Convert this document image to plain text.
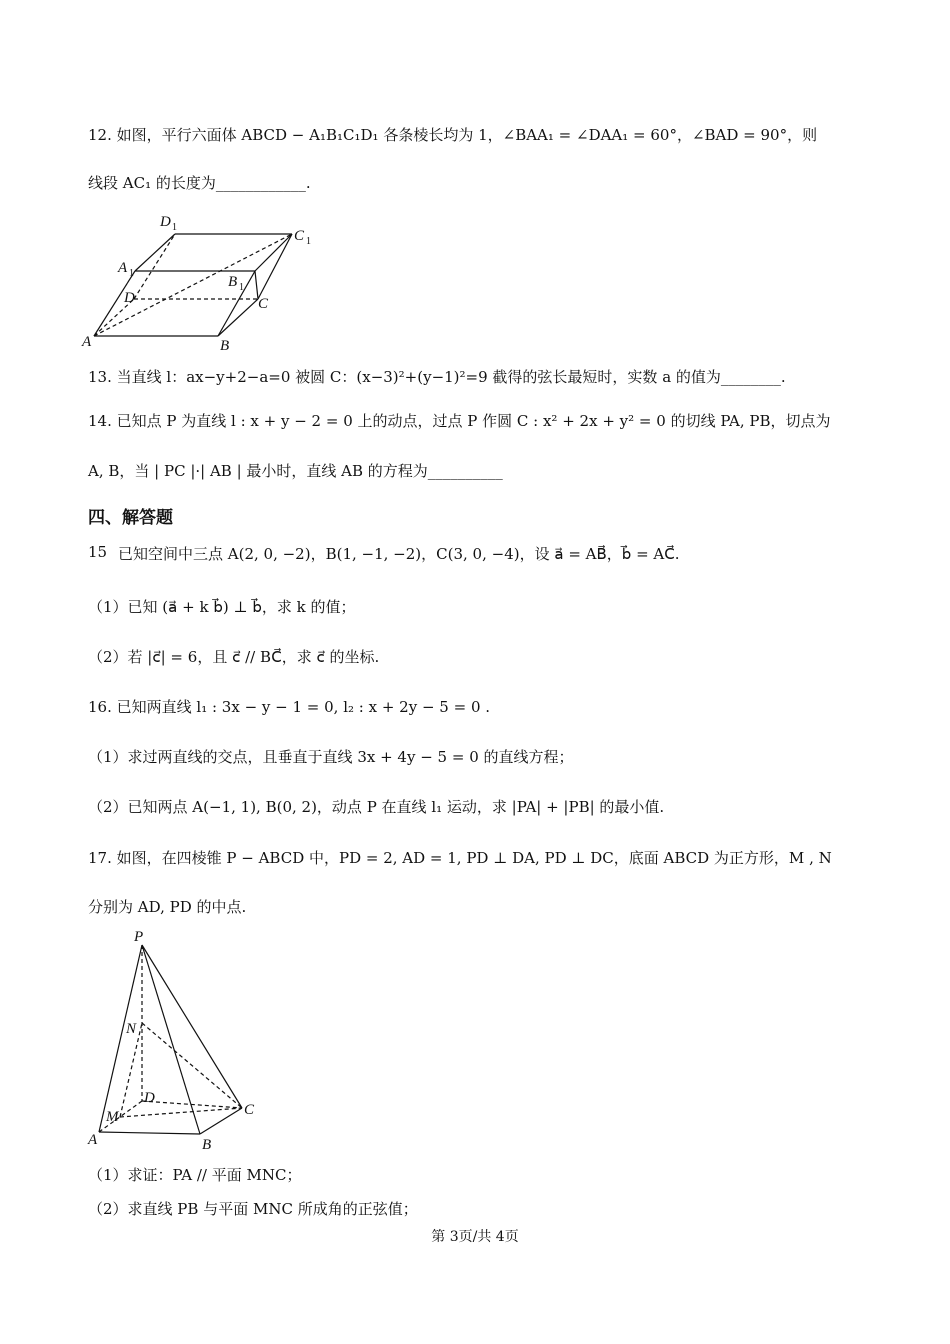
12. 如图，平行六面体 ABCD − A₁B₁C₁D₁ 各条棱长均为 1，∠BAA₁ = ∠DAA₁ = 60°，∠BAD = 90°，则
线段 AC₁ 的长度为____________.
D 1
C 1
A 1
B 1
D	C
A	B
13. 当直线 l：ax−y+2−a=0 被圆 C：(x−3)²+(y−1)²=9 截得的弦长最短时，实数 a 的值为________.
14. 已知点 P 为直线 l : x + y − 2 = 0 上的动点，过点 P 作圆 C : x² + 2x + y² = 0 的切线 PA, PB，切点为
A, B，当 | PC |·| AB | 最小时，直线 AB 的方程为__________
四、解答题
15 已知空间中三点 A(2, 0, −2)，B(1, −1, −2)，C(3, 0, −4)，设 a⃗ = AB⃗，b⃗ = AC⃗.
（1）已知 (a⃗ + k b⃗) ⊥ b⃗，求 k 的值；
（2）若 |c⃗| = 6，且 c⃗ // BC⃗，求 c⃗ 的坐标.
16. 已知两直线 l₁ : 3x − y − 1 = 0, l₂ : x + 2y − 5 = 0 .
（1）求过两直线的交点，且垂直于直线 3x + 4y − 5 = 0 的直线方程；
（2）已知两点 A(−1, 1), B(0, 2)，动点 P 在直线 l₁ 运动，求 |PA| + |PB| 的最小值.
17. 如图，在四棱锥 P − ABCD 中，PD = 2, AD = 1, PD ⊥ DA, PD ⊥ DC，底面 ABCD 为正方形，M , N
分别为 AD, PD 的中点.
P
N
D
C
M
A	B
（1）求证：PA // 平面 MNC；
（2）求直线 PB 与平面 MNC 所成角的正弦值；
第 3页/共 4页
